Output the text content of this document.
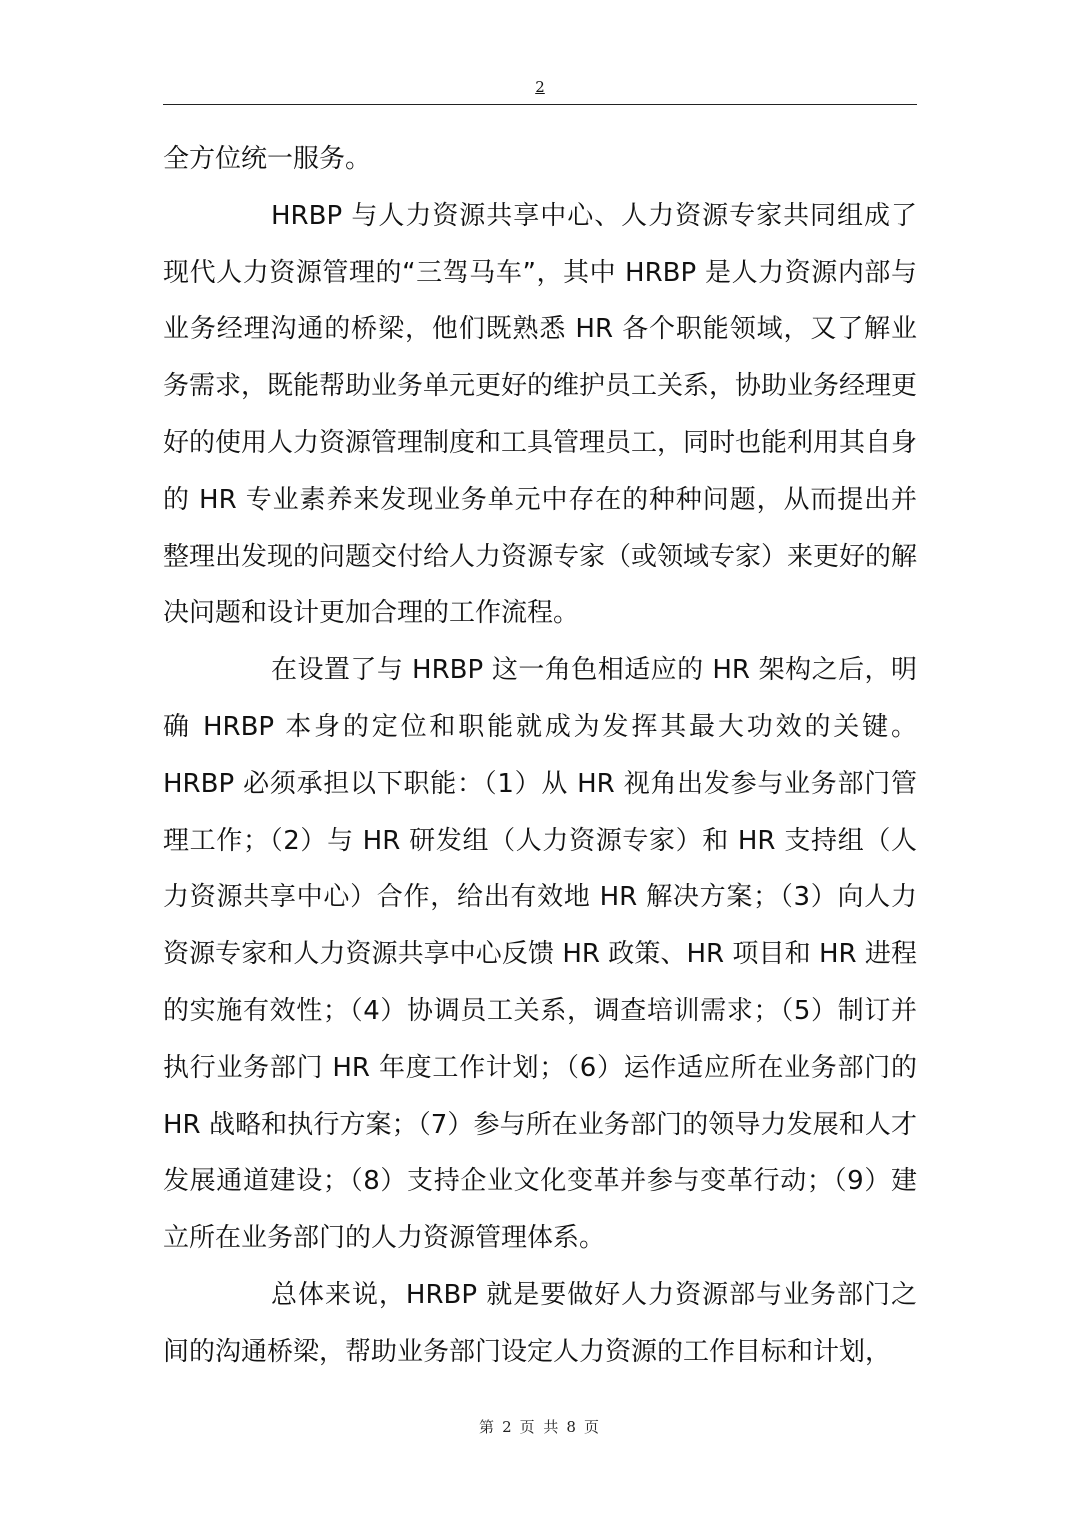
2

全方位统一服务。

HRBP 与人力资源共享中心、人力资源专家共同组成了现代人力资源管理的“三驾马车”，其中 HRBP 是人力资源内部与业务经理沟通的桥梁，他们既熟悉 HR 各个职能领域，又了解业务需求，既能帮助业务单元更好的维护员工关系，协助业务经理更好的使用人力资源管理制度和工具管理员工，同时也能利用其自身的 HR 专业素养来发现业务单元中存在的种种问题，从而提出并整理出发现的问题交付给人力资源专家（或领域专家）来更好的解决问题和设计更加合理的工作流程。

在设置了与 HRBP 这一角色相适应的 HR 架构之后，明确 HRBP 本身的定位和职能就成为发挥其最大功效的关键。HRBP 必须承担以下职能：（1）从 HR 视角出发参与业务部门管理工作；（2）与 HR 研发组（人力资源专家）和 HR 支持组（人力资源共享中心）合作，给出有效地 HR 解决方案；（3）向人力资源专家和人力资源共享中心反馈 HR 政策、HR 项目和 HR 进程的实施有效性；（4）协调员工关系，调查培训需求；（5）制订并执行业务部门 HR 年度工作计划；（6）运作适应所在业务部门的 HR 战略和执行方案；（7）参与所在业务部门的领导力发展和人才发展通道建设；（8）支持企业文化变革并参与变革行动；（9）建立所在业务部门的人力资源管理体系。

总体来说，HRBP 就是要做好人力资源部与业务部门之间的沟通桥梁，帮助业务部门设定人力资源的工作目标和计划，

第 2 页 共 8 页
